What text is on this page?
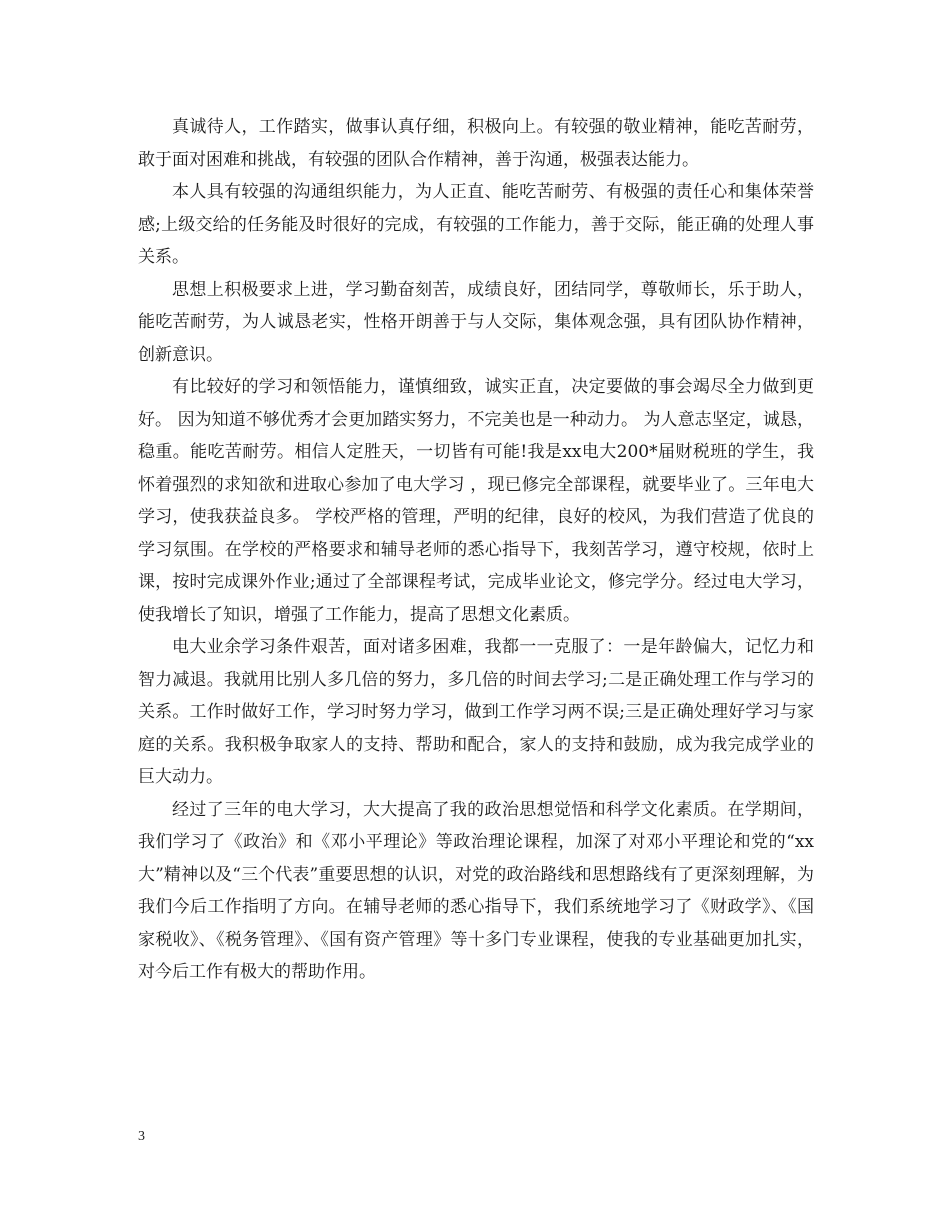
真诚待人，工作踏实，做事认真仔细，积极向上。有较强的敬业精神，能吃苦耐劳，敢于面对困难和挑战，有较强的团队合作精神，善于沟通，极强表达能力。

本人具有较强的沟通组织能力，为人正直、能吃苦耐劳、有极强的责任心和集体荣誉感;上级交给的任务能及时很好的完成，有较强的工作能力，善于交际，能正确的处理人事关系。

思想上积极要求上进，学习勤奋刻苦，成绩良好，团结同学，尊敬师长，乐于助人，能吃苦耐劳，为人诚恳老实，性格开朗善于与人交际，集体观念强，具有团队协作精神，创新意识。

有比较好的学习和领悟能力，谨慎细致，诚实正直，决定要做的事会竭尽全力做到更好。 因为知道不够优秀才会更加踏实努力，不完美也是一种动力。 为人意志坚定，诚恳，稳重。能吃苦耐劳。相信人定胜天，一切皆有可能!我是xx电大200*届财税班的学生，我怀着强烈的求知欲和进取心参加了电大学习 ，现已修完全部课程，就要毕业了。三年电大学习，使我获益良多。 学校严格的管理，严明的纪律，良好的校风，为我们营造了优良的学习氛围。在学校的严格要求和辅导老师的悉心指导下，我刻苦学习，遵守校规，依时上课，按时完成课外作业;通过了全部课程考试，完成毕业论文，修完学分。经过电大学习，使我增长了知识，增强了工作能力，提高了思想文化素质。

电大业余学习条件艰苦，面对诸多困难，我都一一克服了：一是年龄偏大，记忆力和智力减退。我就用比别人多几倍的努力，多几倍的时间去学习;二是正确处理工作与学习的关系。工作时做好工作，学习时努力学习，做到工作学习两不误;三是正确处理好学习与家庭的关系。我积极争取家人的支持、帮助和配合，家人的支持和鼓励，成为我完成学业的巨大动力。

经过了三年的电大学习，大大提高了我的政治思想觉悟和科学文化素质。在学期间，我们学习了《政治》和《邓小平理论》等政治理论课程，加深了对邓小平理论和党的“xx大”精神以及“三个代表”重要思想的认识，对党的政治路线和思想路线有了更深刻理解，为我们今后工作指明了方向。在辅导老师的悉心指导下，我们系统地学习了《财政学》、《国家税收》、《税务管理》、《国有资产管理》等十多门专业课程，使我的专业基础更加扎实，对今后工作有极大的帮助作用。

3
